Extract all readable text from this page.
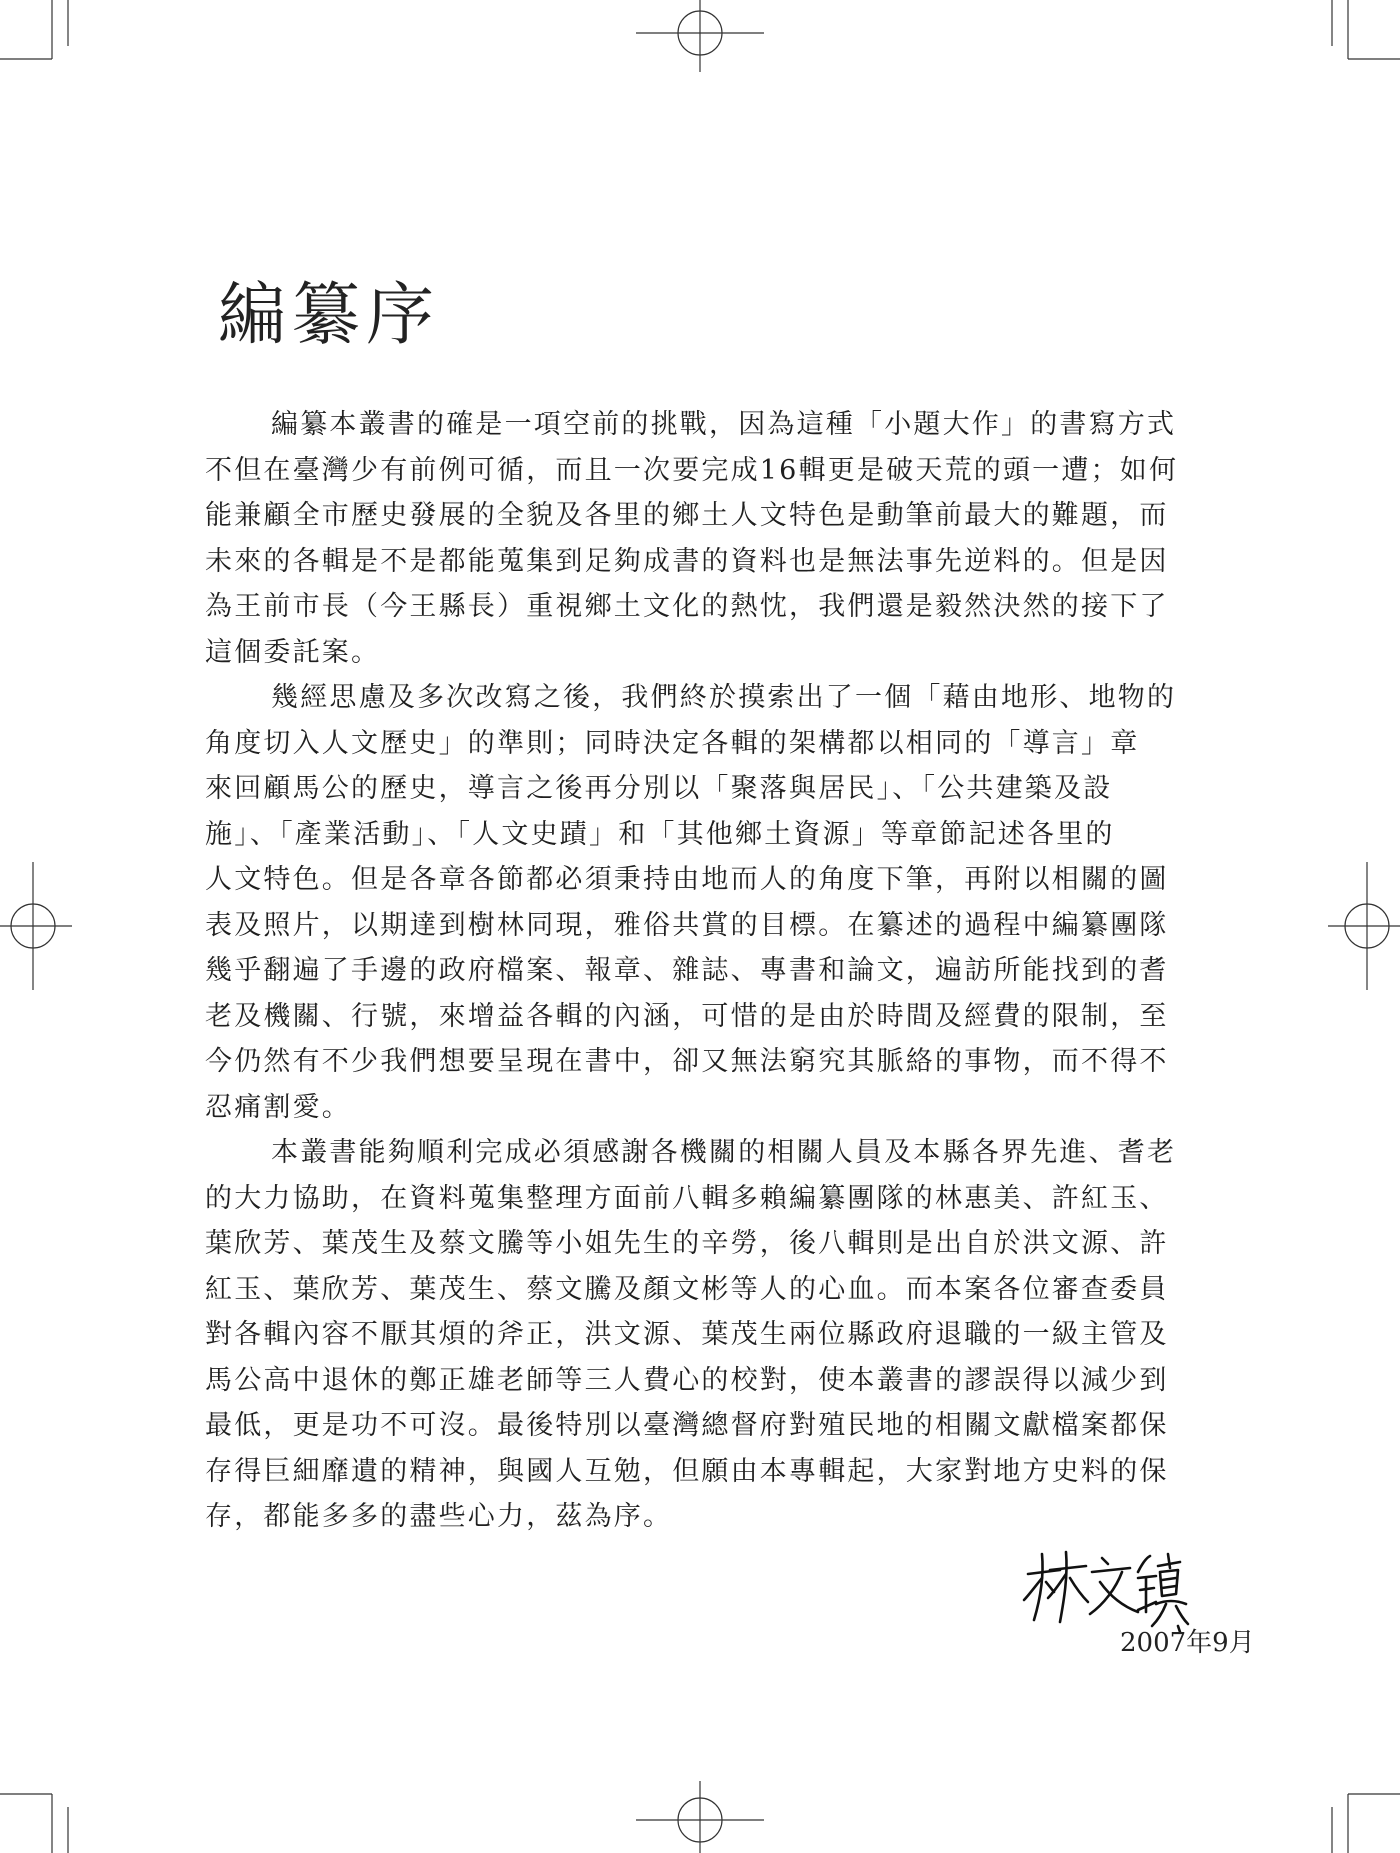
編纂序
編纂本叢書的確是一項空前的挑戰，因為這種「小題大作」的書寫方式
不但在臺灣少有前例可循，而且一次要完成16輯更是破天荒的頭一遭；如何
能兼顧全市歷史發展的全貌及各里的鄉土人文特色是動筆前最大的難題，而
未來的各輯是不是都能蒐集到足夠成書的資料也是無法事先逆料的。但是因
為王前市長（今王縣長）重視鄉土文化的熱忱，我們還是毅然決然的接下了
這個委託案。
幾經思慮及多次改寫之後，我們終於摸索出了一個「藉由地形、地物的
角度切入人文歷史」的準則；同時決定各輯的架構都以相同的「導言」章
來回顧馬公的歷史，導言之後再分別以「聚落與居民」、「公共建築及設
施」、「產業活動」、「人文史蹟」和「其他鄉土資源」等章節記述各里的
人文特色。但是各章各節都必須秉持由地而人的角度下筆，再附以相關的圖
表及照片，以期達到樹林同現，雅俗共賞的目標。在纂述的過程中編纂團隊
幾乎翻遍了手邊的政府檔案、報章、雜誌、專書和論文，遍訪所能找到的耆
老及機關、行號，來增益各輯的內涵，可惜的是由於時間及經費的限制，至
今仍然有不少我們想要呈現在書中，卻又無法窮究其脈絡的事物，而不得不
忍痛割愛。
本叢書能夠順利完成必須感謝各機關的相關人員及本縣各界先進、耆老
的大力協助，在資料蒐集整理方面前八輯多賴編纂團隊的林惠美、許紅玉、
葉欣芳、葉茂生及蔡文騰等小姐先生的辛勞，後八輯則是出自於洪文源、許
紅玉、葉欣芳、葉茂生、蔡文騰及顏文彬等人的心血。而本案各位審查委員
對各輯內容不厭其煩的斧正，洪文源、葉茂生兩位縣政府退職的一級主管及
馬公高中退休的鄭正雄老師等三人費心的校對，使本叢書的謬誤得以減少到
最低，更是功不可沒。最後特別以臺灣總督府對殖民地的相關文獻檔案都保
存得巨細靡遺的精神，與國人互勉，但願由本專輯起，大家對地方史料的保
存，都能多多的盡些心力，茲為序。
2007年9月
